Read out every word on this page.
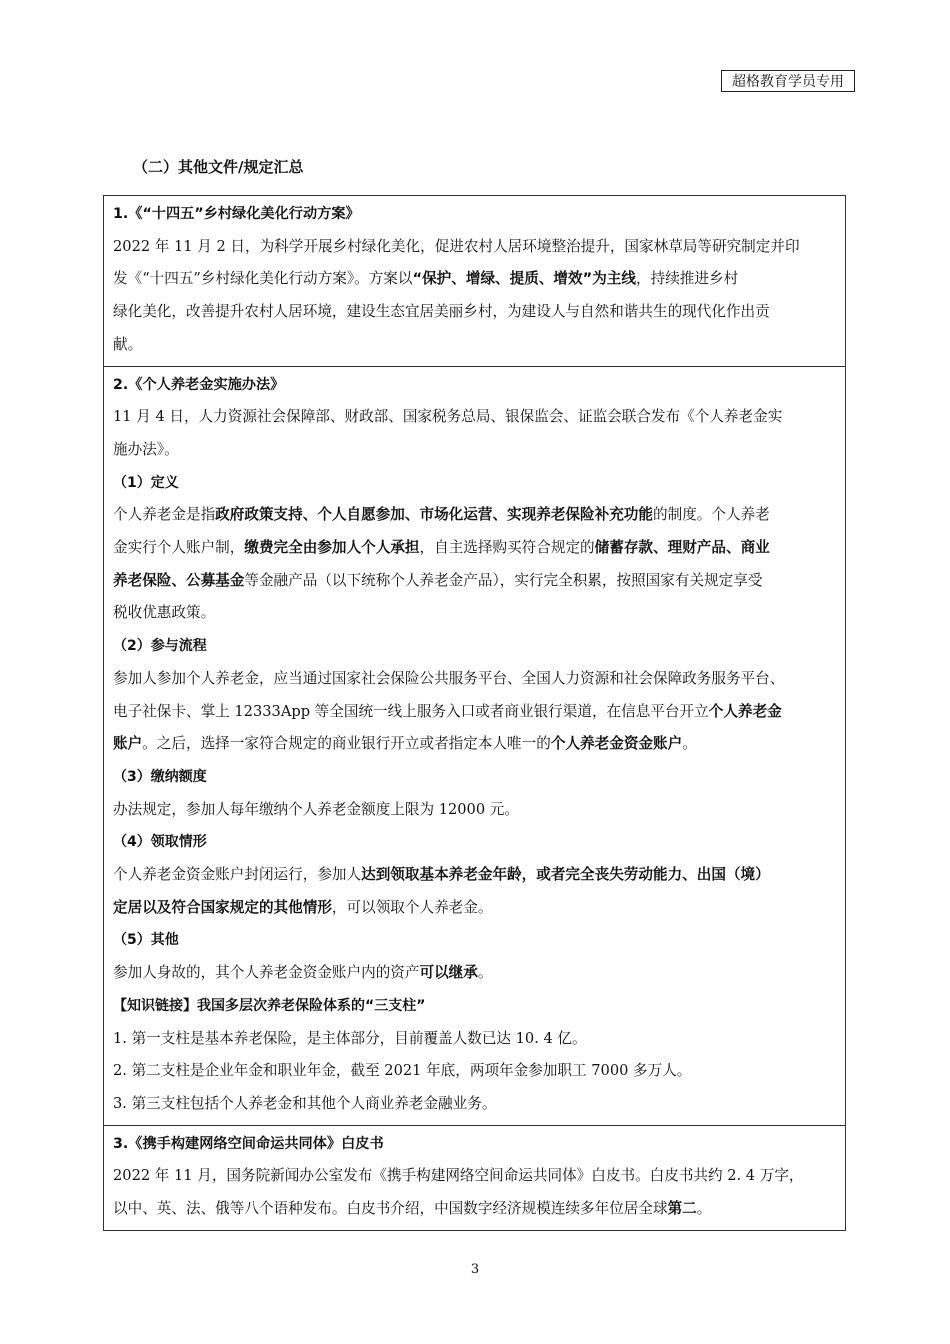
超格教育学员专用
（二）其他文件/规定汇总
1.《“十四五”乡村绿化美化行动方案》
2022 年 11 月 2 日，为科学开展乡村绿化美化，促进农村人居环境整治提升，国家林草局等研究制定并印
发《“十四五”乡村绿化美化行动方案》。方案以“保护、增绿、提质、增效”为主线，持续推进乡村
绿化美化，改善提升农村人居环境，建设生态宜居美丽乡村，为建设人与自然和谐共生的现代化作出贡
献。
2.《个人养老金实施办法》
11 月 4 日，人力资源社会保障部、财政部、国家税务总局、银保监会、证监会联合发布《个人养老金实
施办法》。
（1）定义
个人养老金是指政府政策支持、个人自愿参加、市场化运营、实现养老保险补充功能的制度。个人养老
金实行个人账户制，缴费完全由参加人个人承担，自主选择购买符合规定的储蓄存款、理财产品、商业
养老保险、公募基金等金融产品（以下统称个人养老金产品），实行完全积累，按照国家有关规定享受
税收优惠政策。
（2）参与流程
参加人参加个人养老金，应当通过国家社会保险公共服务平台、全国人力资源和社会保障政务服务平台、
电子社保卡、掌上 12333App 等全国统一线上服务入口或者商业银行渠道，在信息平台开立个人养老金
账户。之后，选择一家符合规定的商业银行开立或者指定本人唯一的个人养老金资金账户。
（3）缴纳额度
办法规定，参加人每年缴纳个人养老金额度上限为 12000 元。
（4）领取情形
个人养老金资金账户封闭运行，参加人达到领取基本养老金年龄，或者完全丧失劳动能力、出国（境）
定居以及符合国家规定的其他情形，可以领取个人养老金。
（5）其他
参加人身故的，其个人养老金资金账户内的资产可以继承。
【知识链接】我国多层次养老保险体系的“三支柱”
1. 第一支柱是基本养老保险，是主体部分，目前覆盖人数已达 10. 4 亿。
2. 第二支柱是企业年金和职业年金，截至 2021 年底，两项年金参加职工 7000 多万人。
3. 第三支柱包括个人养老金和其他个人商业养老金融业务。
3.《携手构建网络空间命运共同体》白皮书
2022 年 11 月，国务院新闻办公室发布《携手构建网络空间命运共同体》白皮书。白皮书共约 2. 4 万字，
以中、英、法、俄等八个语种发布。白皮书介绍，中国数字经济规模连续多年位居全球第二。
3
